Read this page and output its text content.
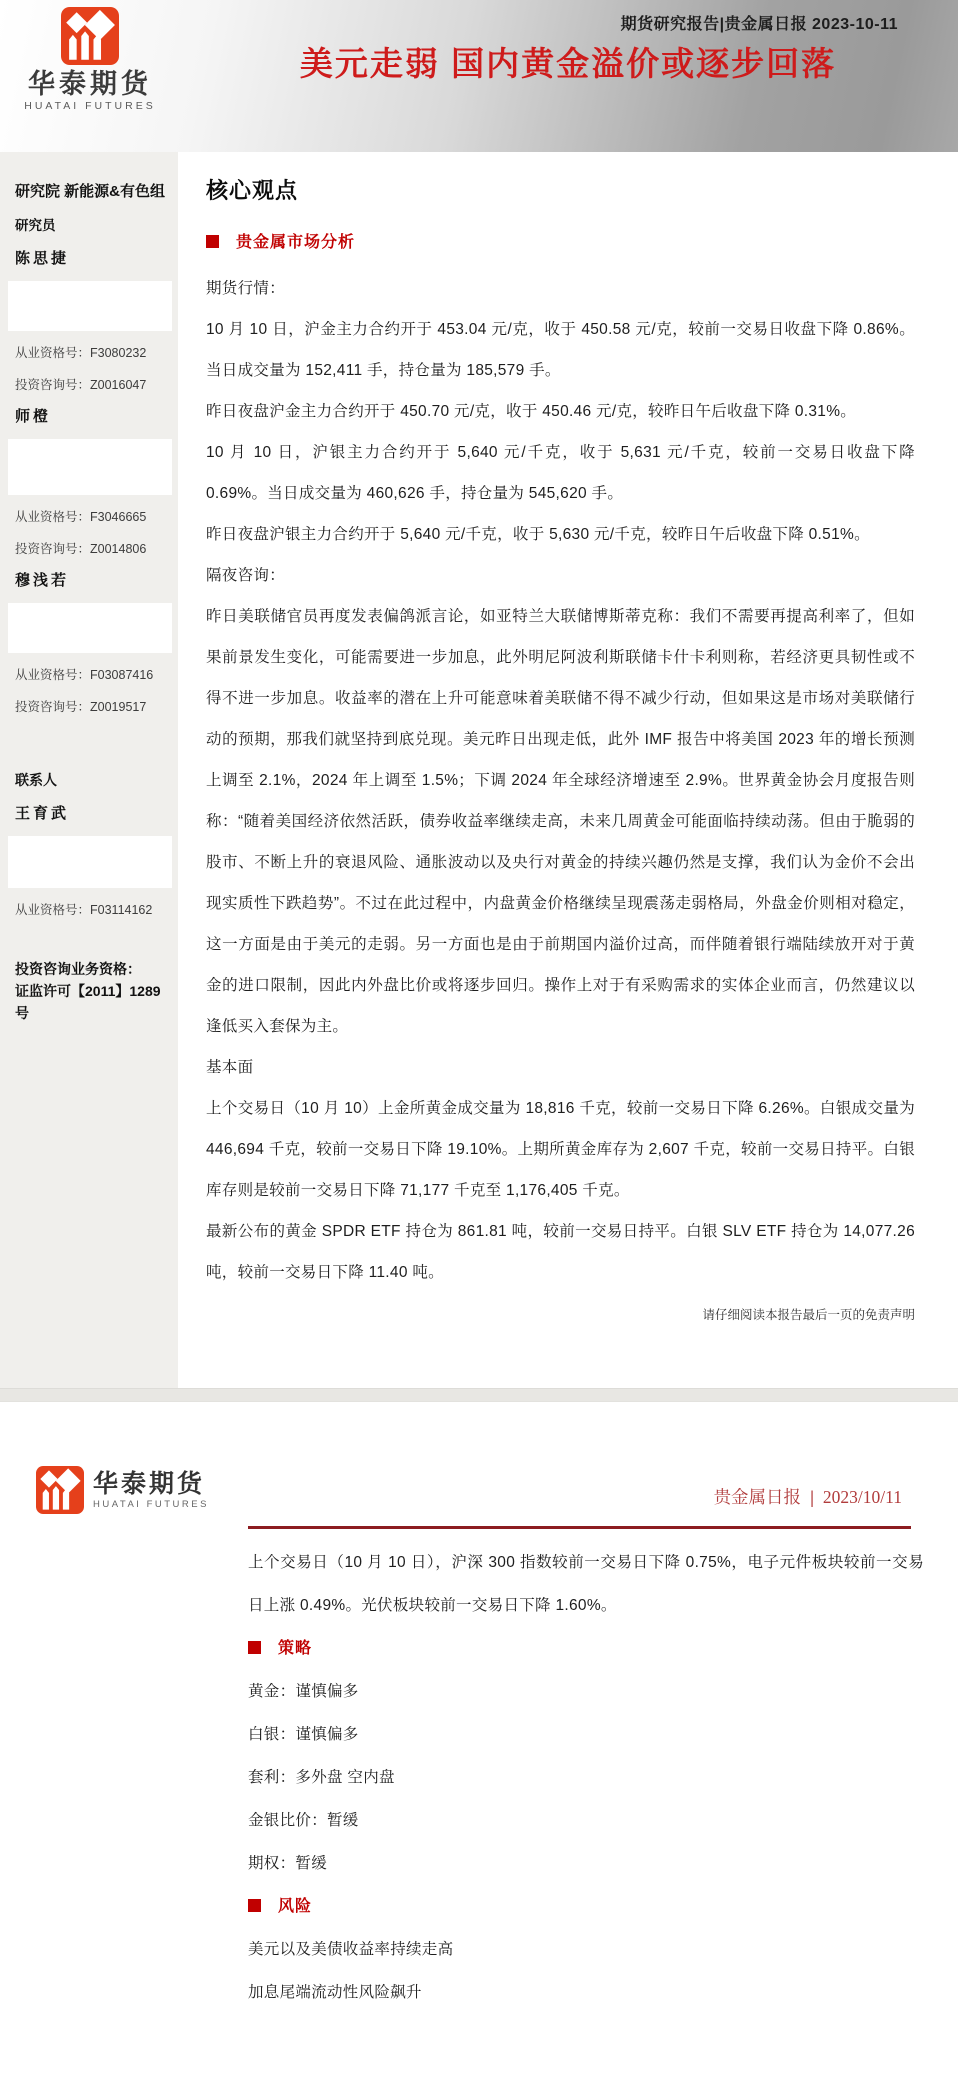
华泰期货
HUATAI FUTURES
期货研究报告|贵金属日报 2023-10-11
美元走弱 国内黄金溢价或逐步回落
研究院 新能源&有色组
研究员
陈思捷
从业资格号：F3080232
投资咨询号：Z0016047
师橙
从业资格号：F3046665
投资咨询号：Z0014806
穆浅若
从业资格号：F03087416
投资咨询号：Z0019517
联系人
王育武
从业资格号：F03114162
投资咨询业务资格：
证监许可【2011】1289 号
核心观点
贵金属市场分析

期货行情：

10 月 10 日，沪金主力合约开于 453.04 元/克，收于 450.58 元/克，较前一交易日收盘下降 0.86%。当日成交量为 152,411 手，持仓量为 185,579 手。

昨日夜盘沪金主力合约开于 450.70 元/克，收于 450.46 元/克，较昨日午后收盘下降 0.31%。

10 月 10 日，沪银主力合约开于 5,640 元/千克，收于 5,631 元/千克，较前一交易日收盘下降 0.69%。当日成交量为 460,626 手，持仓量为 545,620 手。

昨日夜盘沪银主力合约开于 5,640 元/千克，收于 5,630 元/千克，较昨日午后收盘下降 0.51%。

隔夜咨询：

昨日美联储官员再度发表偏鸽派言论，如亚特兰大联储博斯蒂克称：我们不需要再提高利率了，但如果前景发生变化，可能需要进一步加息，此外明尼阿波利斯联储卡什卡利则称，若经济更具韧性或不得不进一步加息。收益率的潜在上升可能意味着美联储不得不减少行动，但如果这是市场对美联储行动的预期，那我们就坚持到底兑现。美元昨日出现走低，此外 IMF 报告中将美国 2023 年的增长预测上调至 2.1%，2024 年上调至 1.5%；下调 2024 年全球经济增速至 2.9%。世界黄金协会月度报告则称：“随着美国经济依然活跃，债券收益率继续走高，未来几周黄金可能面临持续动荡。但由于脆弱的股市、不断上升的衰退风险、通胀波动以及央行对黄金的持续兴趣仍然是支撑，我们认为金价不会出现实质性下跌趋势”。不过在此过程中，内盘黄金价格继续呈现震荡走弱格局，外盘金价则相对稳定，这一方面是由于美元的走弱。另一方面也是由于前期国内溢价过高，而伴随着银行端陆续放开对于黄金的进口限制，因此内外盘比价或将逐步回归。操作上对于有采购需求的实体企业而言，仍然建议以逢低买入套保为主。

基本面

上个交易日（10 月 10）上金所黄金成交量为 18,816 千克，较前一交易日下降 6.26%。白银成交量为 446,694 千克，较前一交易日下降 19.10%。上期所黄金库存为 2,607 千克，较前一交易日持平。白银库存则是较前一交易日下降 71,177 千克至 1,176,405 千克。

最新公布的黄金 SPDR ETF 持仓为 861.81 吨，较前一交易日持平。白银 SLV ETF 持仓为 14,077.26 吨，较前一交易日下降 11.40 吨。

请仔细阅读本报告最后一页的免责声明
华泰期货
HUATAI FUTURES	贵金属日报 | 2023/10/11

上个交易日（10 月 10 日），沪深 300 指数较前一交易日下降 0.75%，电子元件板块较前一交易日上涨 0.49%。光伏板块较前一交易日下降 1.60%。

策略

黄金：谨慎偏多

白银：谨慎偏多

套利：多外盘 空内盘

金银比价：暂缓

期权：暂缓

风险

美元以及美债收益率持续走高

加息尾端流动性风险飙升
